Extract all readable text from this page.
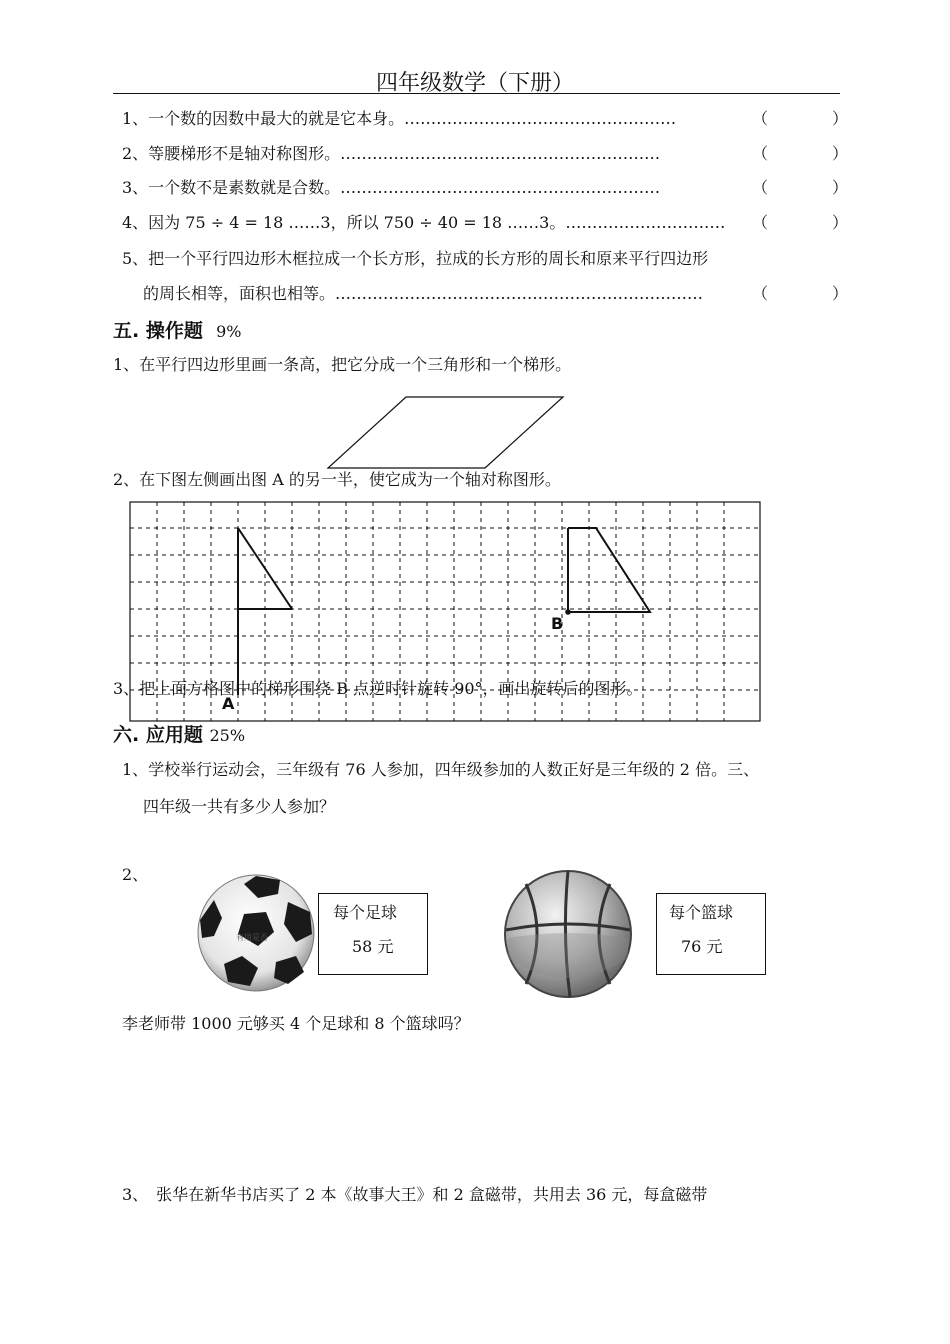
四年级数学（下册）
1、一个数的因数中最大的就是它本身。……………………………………………	（　　　　）
2、等腰梯形不是轴对称图形。……………………………………………………	（　　　　）
3、一个数不是素数就是合数。……………………………………………………	（　　　　）
4、因为 75 ÷ 4 = 18 ……3，所以 750 ÷ 40 = 18 ……3。………………………… （　　　　）
5、把一个平行四边形木框拉成一个长方形，拉成的长方形的周长和原来平行四边形
的周长相等，面积也相等。……………………………………………………………	（　　　　）
五. 操作题 9%
1、在平行四边形里画一条高，把它分成一个三角形和一个梯形。
2、在下图左侧画出图 A 的另一半，使它成为一个轴对称图形。
B
A
3、把上面方格图中的梯形围绕 B 点逆时针旋转 90°，画出旋转后的图形。
六. 应用题 25%
1、学校举行运动会，三年级有 76 人参加，四年级参加的人数正好是三年级的 2 倍。三、
四年级一共有多少人参加？
2、
有用是否
每个足球
58 元
每个篮球
76 元
李老师带 1000 元够买 4 个足球和 8 个篮球吗？
3、　张华在新华书店买了 2 本《故事大王》和 2 盒磁带，共用去 36 元，每盒磁带
